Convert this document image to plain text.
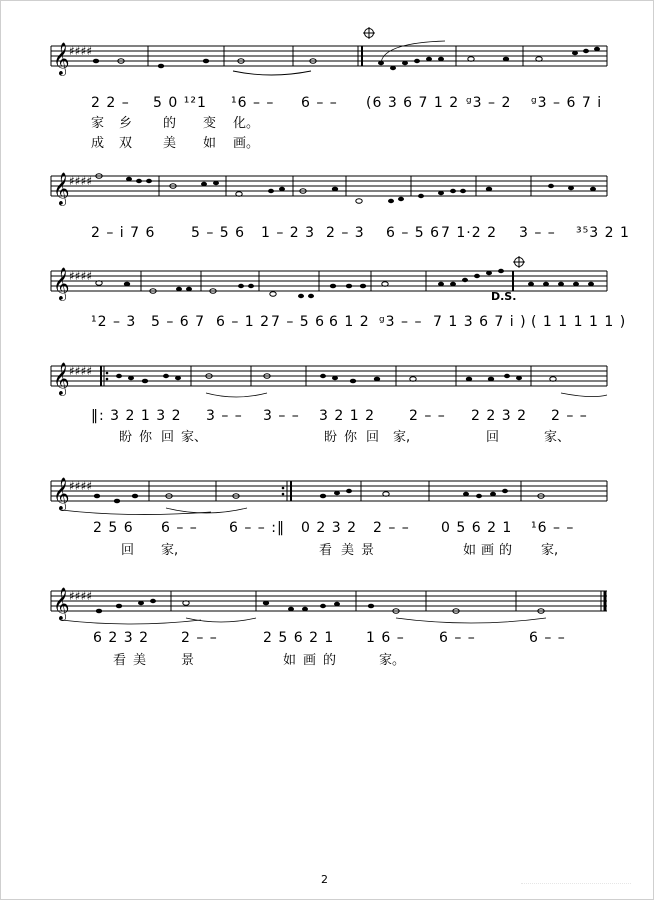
𝄞 ♯♯♯♯
2 2 – 5 0 ¹²1 ¹6 – – 6 – – (6 3 6 7 1 2 ᵍ3 – 2 ᵍ3 – 6 7 i
家 乡 的 变 化。
成 双 美 如 画。
𝄞 ♯♯♯♯
2 – i 7 6	5 – 5 6 1 – 2 3 2 – 3 6 – 5 6 7 1·2 2 3 – – ³⁵3 2 1
𝄞 ♯♯♯♯
D.S.
¹2 – 3 5 – 6 7 6 – 1 2 7 – 5 6 6 1 2 ᵍ3 – – 7 1 3 6 7 i ) ( 1 1 1 1 1 )
𝄞 ♯♯♯♯
‖: 3 2 1 3 2 3 – – 3 – – 3 2 1 2 2 – – 2 2 3 2 2 – –
盼 你 回 家、	盼 你 回 家,	回	家、
𝄞 ♯♯♯♯
2 5 6 6 – – 6 – – :‖ 0 2 3 2 2 – – 0 5 6 2 1 ¹6 – –
回 家,	看 美 景	如 画 的 家,
𝄞 ♯♯♯♯
6 2 3 2 2 – –	2 5 6 2 1 1 6 – 6 – –	6 – –
看 美	景	如 画 的	家。
2
